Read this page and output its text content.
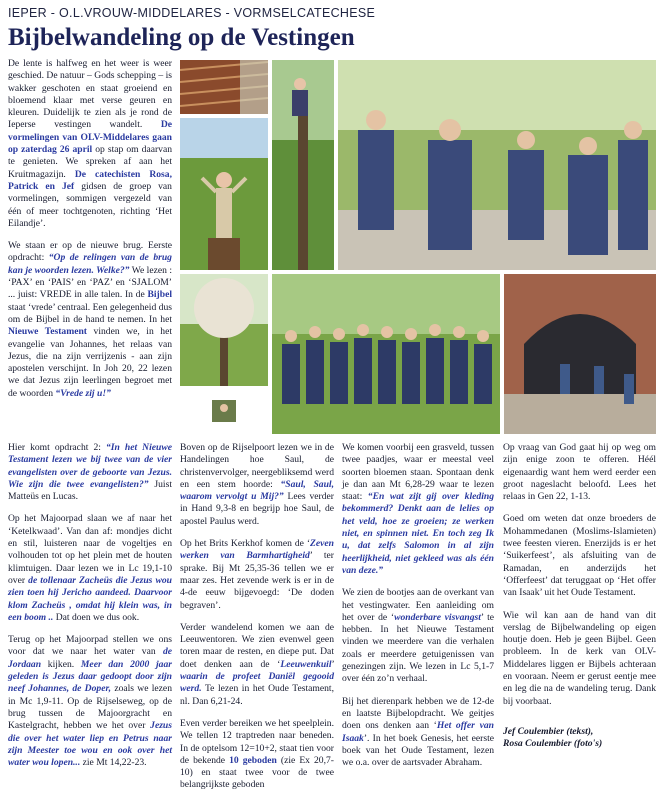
IEPER - O.L.VROUW-MIDDELARES - VORMSELCATECHESE
Bijbelwandeling op de Vestingen

De lente is halfweg en het weer is weer geschied. De natuur – Gods schepping – is wakker geschoten en staat groeiend en bloemend klaar met verse geuren en kleuren. Duidelijk te zien als je rond de Ieperse vestingen wandelt. De vormelingen van OLV-Middelares gaan op zaterdag 26 april op stap om daarvan te genieten. We spreken af aan het Kruitmagazijn. De catechisten Rosa, Patrick en Jef gidsen de groep van vormelingen, sommigen vergezeld van één of meer tochtgenoten, richting ‘Het Eilandje’.

We staan er op de nieuwe brug. Eerste opdracht: “Op de relingen van de brug kan je woorden lezen. Welke?” We lezen : ‘PAX’ en ‘PAIS’ en ‘PAZ’ en ‘SJALOM’ ... juist: VREDE in alle talen. In de Bijbel staat ‘vrede’ centraal. Een gelegenheid dus om de Bijbel in de hand te nemen. In het Nieuwe Testament vinden we, in het evangelie van Johannes, het relaas van Jezus, die na zijn verrijzenis - aan zijn apostelen verschijnt. In Joh 20, 22 lezen we dat Jezus zijn leerlingen begroet met de woorden “Vrede zij u!”

Hier komt opdracht 2: “In het Nieuwe Testament lezen we bij twee van de vier evangelisten over de geboorte van Jezus. Wie zijn die twee evangelisten?” Juist Matteüs en Lucas.

Op het Majoorpad slaan we af naar het ‘Ketelkwaad’. Van dan af: mondjes dicht en stil, luisteren naar de vogeltjes en volhouden tot op het plein met de houten klimtuigen. Daar lezen we in Lc 19,1-10 over de tollenaar Zacheüs die Jezus wou zien toen hij Jericho aandeed. Daarvoor klom Zacheüs , omdat hij klein was, in een boom .. Dat doen we dus ook.

Terug op het Majoorpad stellen we ons voor dat we naar het water van de Jordaan kijken. Meer dan 2000 jaar geleden is Jezus daar gedoopt door zijn neef Johannes, de Doper, zoals we lezen in Mc 1,9-11. Op de Rijselseweg, op de brug tussen de Majoorgracht en Kastelgracht, hebben we het over Jezus die over het water liep en Petrus naar zijn Meester toe wou en ook over het water wou lopen... zie Mt 14,22-23.

Boven op de Rijselpoort lezen we in de Handelingen hoe Saul, de christenvervolger, neergebliksemd werd en een stem hoorde: “Saul, Saul, waarom vervolgt u Mij?” Lees verder in Hand 9,3-8 en begrijp hoe Saul, de apostel Paulus werd.

Op het Brits Kerkhof komen de ‘Zeven werken van Barmhartigheid’ ter sprake. Bij Mt 25,35-36 tellen we er maar zes. Het zevende werk is er in de 4-de eeuw bijgevoegd: ‘De doden begraven’.

Verder wandelend komen we aan de Leeuwentoren. We zien evenwel geen toren maar de resten, en diepe put. Dat doet denken aan de ‘Leeuwenkuil’ waarin de profeet Daniël gegooid werd. Te lezen in het Oude Testament, nl. Dan 6,21-24.

Even verder bereiken we het speelplein. We tellen 12 traptreden naar beneden. In de optelsom 12=10+2, staat tien voor de bekende 10 geboden (zie Ex 20,7-10) en staat twee voor de twee belangrijkste geboden

We komen voorbij een grasveld, tussen twee paadjes, waar er meestal veel soorten bloemen staan. Spontaan denk je dan aan Mt 6,28-29 waar te lezen staat: “En wat zijt gij over kleding bekommerd? Denkt aan de lelies op het veld, hoe ze groeien; ze werken niet, en spinnen niet. En toch zeg Ik u, dat zelfs Salomon in al zijn heerlijkheid, niet gekleed was als één van deze.”

We zien de bootjes aan de overkant van het vestingwater. Een aanleiding om het over de ‘wonderbare visvangst’ te hebben. In het Nieuwe Testament vinden we meerdere van die verhalen zoals er meerdere getuigenissen van genezingen zijn. We lezen in Lc 5,1-7 over één zo’n verhaal.

Bij het dierenpark hebben we de 12-de en laatste Bijbelopdracht. We geitjes doen ons denken aan ‘Het offer van Isaak’. In het boek Genesis, het eerste boek van het Oude Testament, lezen we o.a. over de aartsvader Abraham.

Op vraag van God gaat hij op weg om zijn enige zoon te offeren. Héél eigenaardig want hem werd eerder een groot nageslacht beloofd. Lees het relaas in Gen 22, 1-13.

Goed om weten dat onze broeders de Mohammedanen (Moslims-Islamieten) twee feesten vieren. Enerzijds is er het ‘Suikerfeest’, als afsluiting van de Ramadan, en anderzijds het ‘Offerfeest’ dat teruggaat op ‘Het offer van Isaak’ uit het Oude Testament.

Wie wil kan aan de hand van dit verslag de Bijbelwandeling op eigen houtje doen. Heb je geen Bijbel. Geen probleem. In de kerk van OLV-Middelares liggen er Bijbels achteraan en vooraan. Neem er gerust eentje mee en leg die na de wandeling terug. Dank bij voorbaat.

Jef Coulembier (tekst),
Rosa Coulembier (foto's)
